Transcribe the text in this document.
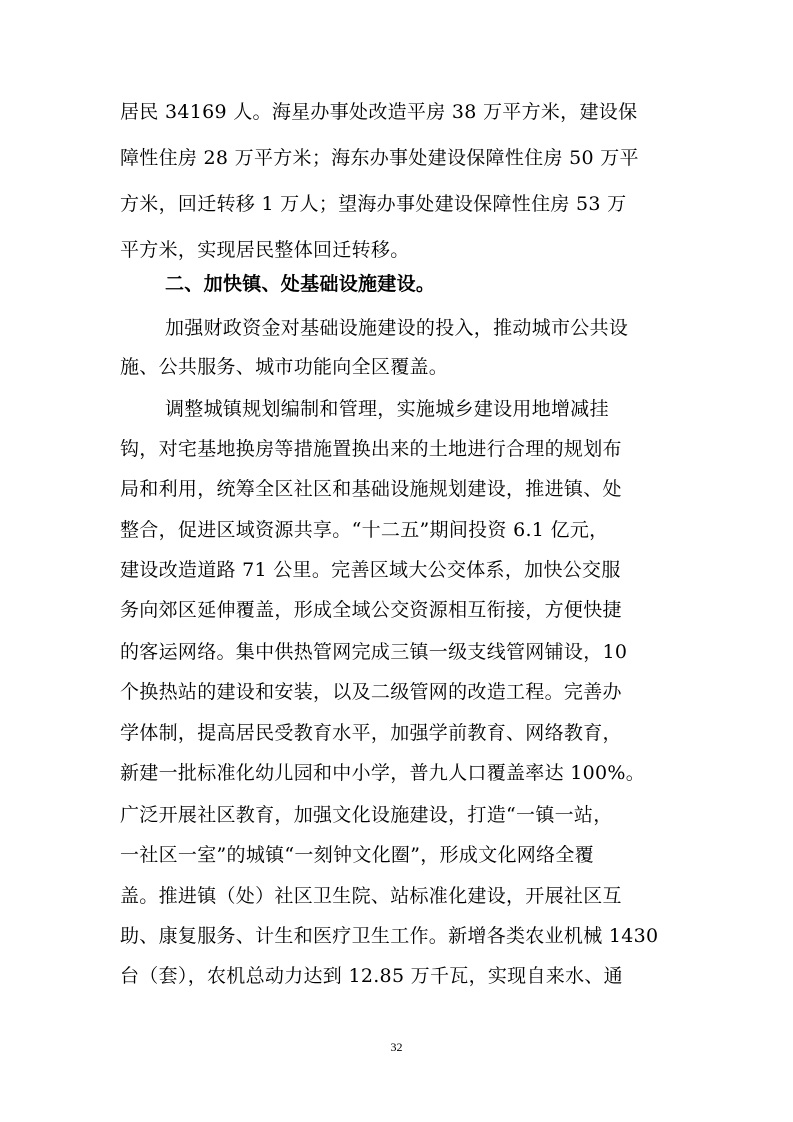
居民 34169 人。海星办事处改造平房 38 万平方米，建设保
障性住房 28 万平方米；海东办事处建设保障性住房 50 万平
方米，回迁转移 1 万人；望海办事处建设保障性住房 53 万
平方米，实现居民整体回迁转移。
二、加快镇、处基础设施建设。
加强财政资金对基础设施建设的投入，推动城市公共设
施、公共服务、城市功能向全区覆盖。
调整城镇规划编制和管理，实施城乡建设用地增减挂
钩，对宅基地换房等措施置换出来的土地进行合理的规划布
局和利用，统筹全区社区和基础设施规划建设，推进镇、处
整合，促进区域资源共享。“十二五”期间投资 6.1 亿元，
建设改造道路 71 公里。完善区域大公交体系，加快公交服
务向郊区延伸覆盖，形成全域公交资源相互衔接，方便快捷
的客运网络。集中供热管网完成三镇一级支线管网铺设，10
个换热站的建设和安装，以及二级管网的改造工程。完善办
学体制，提高居民受教育水平，加强学前教育、网络教育，
新建一批标准化幼儿园和中小学，普九人口覆盖率达 100%。
广泛开展社区教育，加强文化设施建设，打造“一镇一站，
一社区一室”的城镇“一刻钟文化圈”，形成文化网络全覆
盖。推进镇（处）社区卫生院、站标准化建设，开展社区互
助、康复服务、计生和医疗卫生工作。新增各类农业机械 1430
台（套），农机总动力达到 12.85 万千瓦，实现自来水、通
32
